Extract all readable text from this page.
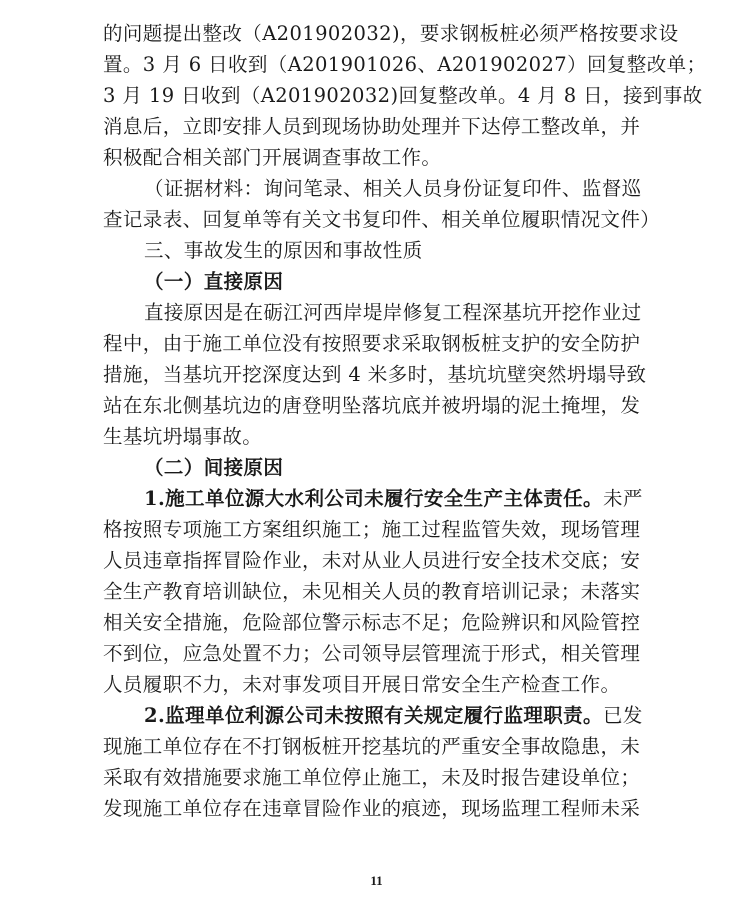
的问题提出整改（A201902032)，要求钢板桩必须严格按要求设
置。3 月 6 日收到（A201901026、A201902027）回复整改单；
3 月 19 日收到（A201902032)回复整改单。4 月 8 日，接到事故
消息后，立即安排人员到现场协助处理并下达停工整改单，并
积极配合相关部门开展调查事故工作。
（证据材料：询问笔录、相关人员身份证复印件、监督巡
查记录表、回复单等有关文书复印件、相关单位履职情况文件）
三、事故发生的原因和事故性质
（一）直接原因
直接原因是在砺江河西岸堤岸修复工程深基坑开挖作业过
程中，由于施工单位没有按照要求采取钢板桩支护的安全防护
措施，当基坑开挖深度达到 4 米多时，基坑坑壁突然坍塌导致
站在东北侧基坑边的唐登明坠落坑底并被坍塌的泥土掩埋，发
生基坑坍塌事故。
（二）间接原因
1.施工单位源大水利公司未履行安全生产主体责任。未严
格按照专项施工方案组织施工；施工过程监管失效，现场管理
人员违章指挥冒险作业，未对从业人员进行安全技术交底；安
全生产教育培训缺位，未见相关人员的教育培训记录；未落实
相关安全措施，危险部位警示标志不足；危险辨识和风险管控
不到位，应急处置不力；公司领导层管理流于形式，相关管理
人员履职不力，未对事发项目开展日常安全生产检查工作。
2.监理单位利源公司未按照有关规定履行监理职责。已发
现施工单位存在不打钢板桩开挖基坑的严重安全事故隐患，未
采取有效措施要求施工单位停止施工，未及时报告建设单位；
发现施工单位存在违章冒险作业的痕迹，现场监理工程师未采
11
